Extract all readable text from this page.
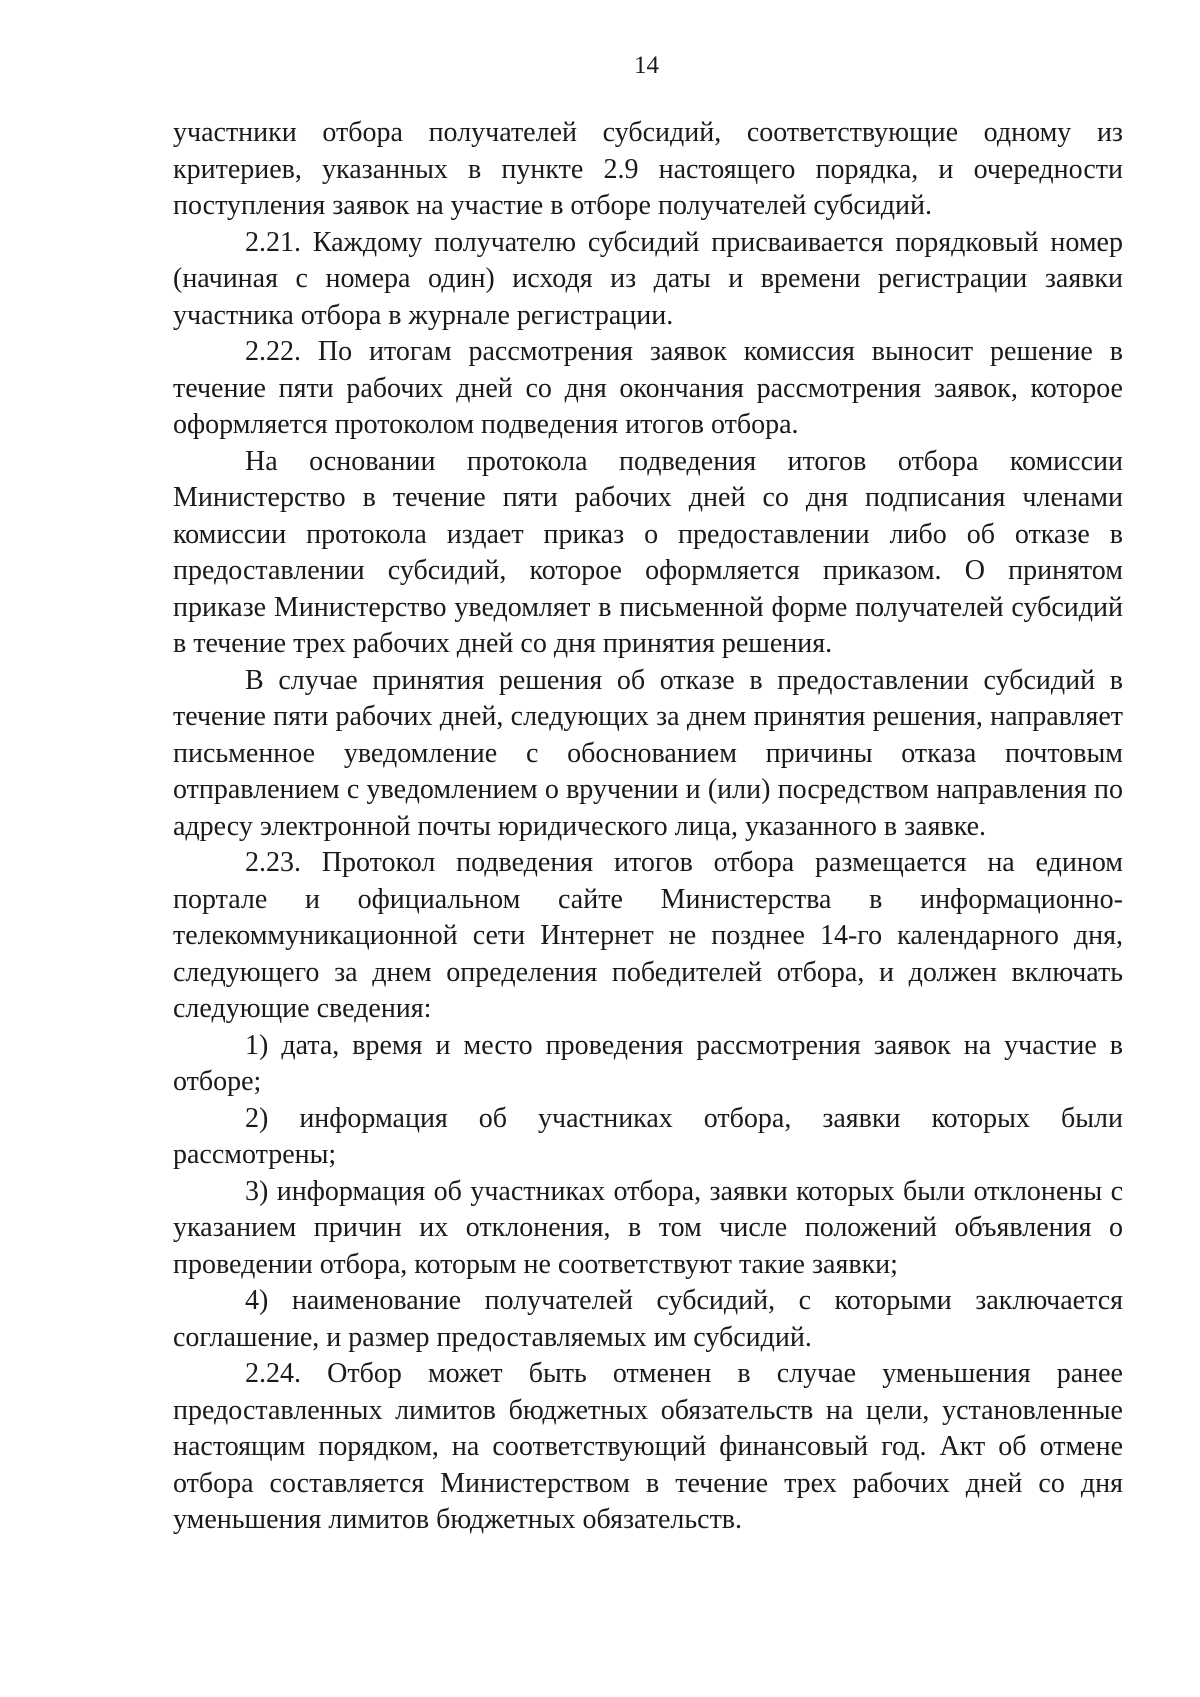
14

участники отбора получателей субсидий, соответствующие одному из критериев, указанных в пункте 2.9 настоящего порядка, и очередности поступления заявок на участие в отборе получателей субсидий.

2.21. Каждому получателю субсидий присваивается порядковый номер (начиная с номера один) исходя из даты и времени регистрации заявки участника отбора в журнале регистрации.

2.22. По итогам рассмотрения заявок комиссия выносит решение в течение пяти рабочих дней со дня окончания рассмотрения заявок, которое оформляется протоколом подведения итогов отбора.

На основании протокола подведения итогов отбора комиссии Министерство в течение пяти рабочих дней со дня подписания членами комиссии протокола издает приказ о предоставлении либо об отказе в предоставлении субсидий, которое оформляется приказом. О принятом приказе Министерство уведомляет в письменной форме получателей субсидий в течение трех рабочих дней со дня принятия решения.

В случае принятия решения об отказе в предоставлении субсидий в течение пяти рабочих дней, следующих за днем принятия решения, направляет письменное уведомление с обоснованием причины отказа почтовым отправлением с уведомлением о вручении и (или) посредством направления по адресу электронной почты юридического лица, указанного в заявке.

2.23. Протокол подведения итогов отбора размещается на едином портале и официальном сайте Министерства в информационно-телекоммуникационной сети Интернет не позднее 14-го календарного дня, следующего за днем определения победителей отбора, и должен включать следующие сведения:

1) дата, время и место проведения рассмотрения заявок на участие в отборе;

2) информация об участниках отбора, заявки которых были рассмотрены;

3) информация об участниках отбора, заявки которых были отклонены с указанием причин их отклонения, в том числе положений объявления о проведении отбора, которым не соответствуют такие заявки;

4) наименование получателей субсидий, с которыми заключается соглашение, и размер предоставляемых им субсидий.

2.24. Отбор может быть отменен в случае уменьшения ранее предоставленных лимитов бюджетных обязательств на цели, установленные настоящим порядком, на соответствующий финансовый год. Акт об отмене отбора составляется Министерством в течение трех рабочих дней со дня уменьшения лимитов бюджетных обязательств.
